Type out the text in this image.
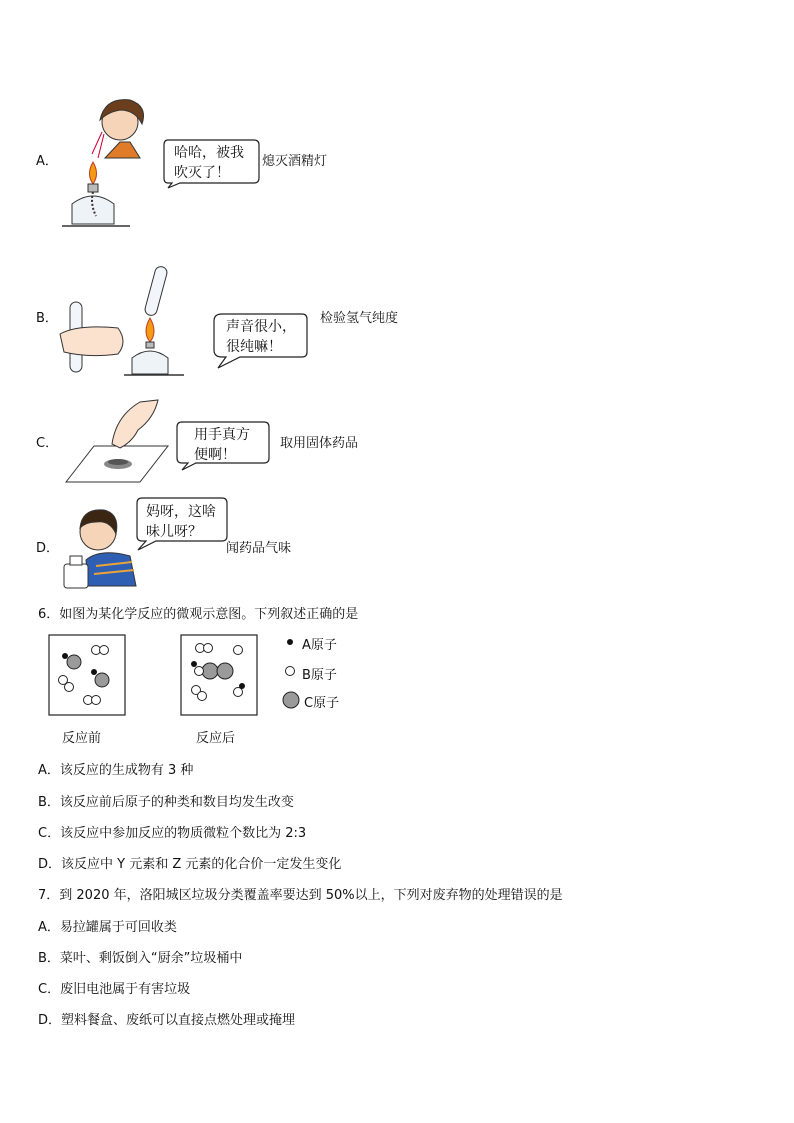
A．
哈哈，被我
吹灭了！
熄灭酒精灯
B．
声音很小，
很纯嘛！
检验氢气纯度
C．
用手真方
便啊！
取用固体药品
D．
妈呀，这啥
味儿呀？
闻药品气味
6．如图为某化学反应的微观示意图。下列叙述正确的是
反应前	反应后
A原子
B原子
C原子
A．该反应的生成物有 3 种
B．该反应前后原子的种类和数目均发生改变
C．该反应中参加反应的物质微粒个数比为 2:3
D．该反应中 Y 元素和 Z 元素的化合价一定发生变化
7．到 2020 年，洛阳城区垃圾分类覆盖率要达到 50%以上，下列对废弃物的处理错误的是
A．易拉罐属于可回收类
B．菜叶、剩饭倒入“厨余”垃圾桶中
C．废旧电池属于有害垃圾
D．塑料餐盒、废纸可以直接点燃处理或掩埋
